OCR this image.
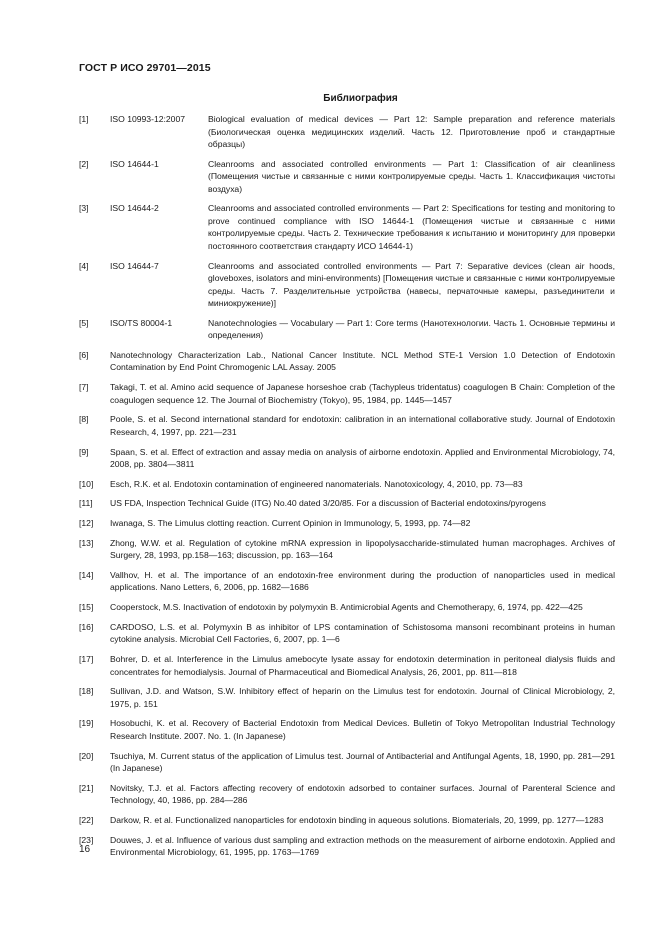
ГОСТ Р ИСО 29701—2015
Библиография
[1]	ISO 10993-12:2007	Biological evaluation of medical devices — Part 12: Sample preparation and reference materials (Биологическая оценка медицинских изделий. Часть 12. Приготовление проб и стандартные образцы)
[2]	ISO 14644-1	Cleanrooms and associated controlled environments — Part 1: Classification of air cleanliness (Помещения чистые и связанные с ними контролируемые среды. Часть 1. Классификация чистоты воздуха)
[3]	ISO 14644-2	Cleanrooms and associated controlled environments — Part 2: Specifications for testing and monitoring to prove continued compliance with ISO 14644-1 (Помещения чистые и связанные с ними контролируемые среды. Часть 2. Технические требования к испытанию и мониторингу для проверки постоянного соответствия стандарту ИСО 14644-1)
[4]	ISO 14644-7	Cleanrooms and associated controlled environments — Part 7: Separative devices (clean air hoods, gloveboxes, isolators and mini-environments) [Помещения чистые и связанные с ними контролируемые среды. Часть 7. Разделительные устройства (навесы, перчаточные камеры, разъединители и миниокружение)]
[5]	ISO/TS 80004-1	Nanotechnologies — Vocabulary — Part 1: Core terms (Нанотехнологии. Часть 1. Основные термины и определения)
[6]	Nanotechnology Characterization Lab., National Cancer Institute. NCL Method STE-1 Version 1.0 Detection of Endotoxin Contamination by End Point Chromogenic LAL Assay. 2005
[7]	Takagi, T. et al. Amino acid sequence of Japanese horseshoe crab (Tachypleus tridentatus) coagulogen B Chain: Completion of the coagulogen sequence 12. The Journal of Biochemistry (Tokyo), 95, 1984, pp. 1445—1457
[8]	Poole, S. et al. Second international standard for endotoxin: calibration in an international collaborative study. Journal of Endotoxin Research, 4, 1997, pp. 221—231
[9]	Spaan, S. et al. Effect of extraction and assay media on analysis of airborne endotoxin. Applied and Environmental Microbiology, 74, 2008, pp. 3804—3811
[10]	Esch, R.K. et al. Endotoxin contamination of engineered nanomaterials. Nanotoxicology, 4, 2010, pp. 73—83
[11]	US FDA, Inspection Technical Guide (ITG) No.40 dated 3/20/85. For a discussion of Bacterial endotoxins/pyrogens
[12]	Iwanaga, S. The Limulus clotting reaction. Current Opinion in Immunology, 5, 1993, pp. 74—82
[13]	Zhong, W.W. et al. Regulation of cytokine mRNA expression in lipopolysaccharide-stimulated human macrophages. Archives of Surgery, 28, 1993, pp.158—163; discussion, pp. 163—164
[14]	Vallhov, H. et al. The importance of an endotoxin-free environment during the production of nanoparticles used in medical applications. Nano Letters, 6, 2006, pp. 1682—1686
[15]	Cooperstock, M.S. Inactivation of endotoxin by polymyxin B. Antimicrobial Agents and Chemotherapy, 6, 1974, pp. 422—425
[16]	CARDOSO, L.S. et al. Polymyxin B as inhibitor of LPS contamination of Schistosoma mansoni recombinant proteins in human cytokine analysis. Microbial Cell Factories, 6, 2007, pp. 1—6
[17]	Bohrer, D. et al. Interference in the Limulus amebocyte lysate assay for endotoxin determination in peritoneal dialysis fluids and concentrates for hemodialysis. Journal of Pharmaceutical and Biomedical Analysis, 26, 2001, pp. 811—818
[18]	Sullivan, J.D. and Watson, S.W. Inhibitory effect of heparin on the Limulus test for endotoxin. Journal of Clinical Microbiology, 2, 1975, p. 151
[19]	Hosobuchi, K. et al. Recovery of Bacterial Endotoxin from Medical Devices. Bulletin of Tokyo Metropolitan Industrial Technology Research Institute. 2007. No. 1. (In Japanese)
[20]	Tsuchiya, M. Current status of the application of Limulus test. Journal of Antibacterial and Antifungal Agents, 18, 1990, pp. 281—291 (In Japanese)
[21]	Novitsky, T.J. et al. Factors affecting recovery of endotoxin adsorbed to container surfaces. Journal of Parenteral Science and Technology, 40, 1986, pp. 284—286
[22]	Darkow, R. et al. Functionalized nanoparticles for endotoxin binding in aqueous solutions. Biomaterials, 20, 1999, pp. 1277—1283
[23]	Douwes, J. et al. Influence of various dust sampling and extraction methods on the measurement of airborne endotoxin. Applied and Environmental Microbiology, 61, 1995, pp. 1763—1769
16
